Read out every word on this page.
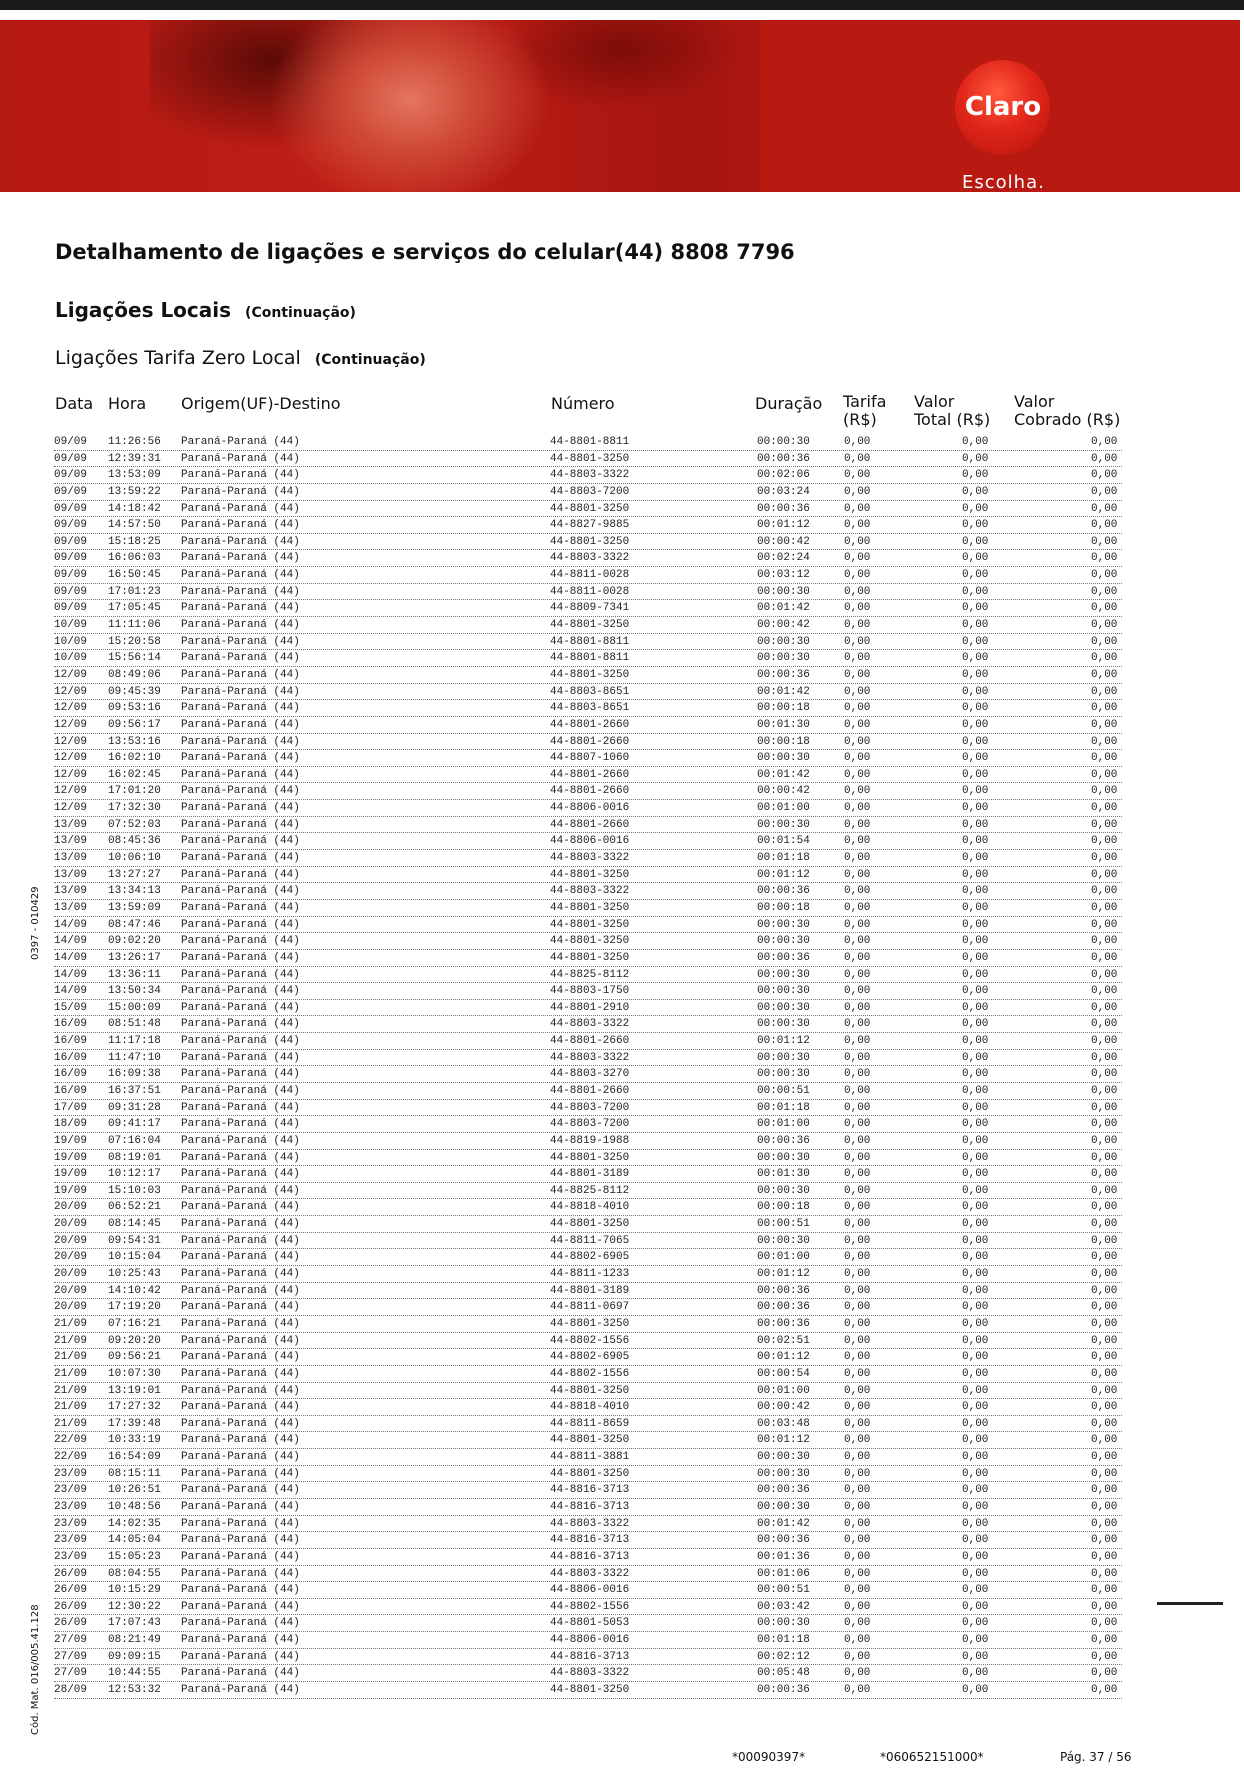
Claro
Escolha.
Detalhamento de ligações e serviços do celular(44) 8808 7796
Ligações Locais (Continuação)
Ligações Tarifa Zero Local (Continuação)
Data Hora Origem(UF)-Destino	Número	Duração Tarifa (R$)
Valor Total (R$)
Valor Cobrado (R$)
09/09 11:26:56 Paraná-Paraná (44)	44-8801-8811	00:00:30	0,00	0,00	0,00
09/09 12:39:31 Paraná-Paraná (44)	44-8801-3250	00:00:36	0,00	0,00	0,00
09/09 13:53:09 Paraná-Paraná (44)	44-8803-3322	00:02:06	0,00	0,00	0,00
09/09 13:59:22 Paraná-Paraná (44)	44-8803-7200	00:03:24	0,00	0,00	0,00
09/09 14:18:42 Paraná-Paraná (44)	44-8801-3250	00:00:36	0,00	0,00	0,00
09/09 14:57:50 Paraná-Paraná (44)	44-8827-9885	00:01:12	0,00	0,00	0,00
09/09 15:18:25 Paraná-Paraná (44)	44-8801-3250	00:00:42	0,00	0,00	0,00
09/09 16:06:03 Paraná-Paraná (44)	44-8803-3322	00:02:24	0,00	0,00	0,00
09/09 16:50:45 Paraná-Paraná (44)	44-8811-0028	00:03:12	0,00	0,00	0,00
09/09 17:01:23 Paraná-Paraná (44)	44-8811-0028	00:00:30	0,00	0,00	0,00
09/09 17:05:45 Paraná-Paraná (44)	44-8809-7341	00:01:42	0,00	0,00	0,00
10/09 11:11:06 Paraná-Paraná (44)	44-8801-3250	00:00:42	0,00	0,00	0,00
10/09 15:20:58 Paraná-Paraná (44)	44-8801-8811	00:00:30	0,00	0,00	0,00
10/09 15:56:14 Paraná-Paraná (44)	44-8801-8811	00:00:30	0,00	0,00	0,00
12/09 08:49:06 Paraná-Paraná (44)	44-8801-3250	00:00:36	0,00	0,00	0,00
12/09 09:45:39 Paraná-Paraná (44)	44-8803-8651	00:01:42	0,00	0,00	0,00
12/09 09:53:16 Paraná-Paraná (44)	44-8803-8651	00:00:18	0,00	0,00	0,00
12/09 09:56:17 Paraná-Paraná (44)	44-8801-2660	00:01:30	0,00	0,00	0,00
12/09 13:53:16 Paraná-Paraná (44)	44-8801-2660	00:00:18	0,00	0,00	0,00
12/09 16:02:10 Paraná-Paraná (44)	44-8807-1060	00:00:30	0,00	0,00	0,00
12/09 16:02:45 Paraná-Paraná (44)	44-8801-2660	00:01:42	0,00	0,00	0,00
12/09 17:01:20 Paraná-Paraná (44)	44-8801-2660	00:00:42	0,00	0,00	0,00
12/09 17:32:30 Paraná-Paraná (44)	44-8806-0016	00:01:00	0,00	0,00	0,00
13/09 07:52:03 Paraná-Paraná (44)	44-8801-2660	00:00:30	0,00	0,00	0,00
13/09 08:45:36 Paraná-Paraná (44)	44-8806-0016	00:01:54	0,00	0,00	0,00
13/09 10:06:10 Paraná-Paraná (44)	44-8803-3322	00:01:18	0,00	0,00	0,00
13/09 13:27:27 Paraná-Paraná (44)	44-8801-3250	00:01:12	0,00	0,00	0,00
13/09 13:34:13 Paraná-Paraná (44)	44-8803-3322	00:00:36	0,00	0,00	0,00
13/09 13:59:09 Paraná-Paraná (44)	44-8801-3250	00:00:18	0,00	0,00	0,00
14/09 08:47:46 Paraná-Paraná (44)	44-8801-3250	00:00:30	0,00	0,00	0,00
14/09 09:02:20 Paraná-Paraná (44)	44-8801-3250	00:00:30	0,00	0,00	0,00
14/09 13:26:17 Paraná-Paraná (44)	44-8801-3250	00:00:36	0,00	0,00	0,00
14/09 13:36:11 Paraná-Paraná (44)	44-8825-8112	00:00:30	0,00	0,00	0,00
14/09 13:50:34 Paraná-Paraná (44)	44-8803-1750	00:00:30	0,00	0,00	0,00
15/09 15:00:09 Paraná-Paraná (44)	44-8801-2910	00:00:30	0,00	0,00	0,00
16/09 08:51:48 Paraná-Paraná (44)	44-8803-3322	00:00:30	0,00	0,00	0,00
16/09 11:17:18 Paraná-Paraná (44)	44-8801-2660	00:01:12	0,00	0,00	0,00
16/09 11:47:10 Paraná-Paraná (44)	44-8803-3322	00:00:30	0,00	0,00	0,00
16/09 16:09:38 Paraná-Paraná (44)	44-8803-3270	00:00:30	0,00	0,00	0,00
16/09 16:37:51 Paraná-Paraná (44)	44-8801-2660	00:00:51	0,00	0,00	0,00
17/09 09:31:28 Paraná-Paraná (44)	44-8803-7200	00:01:18	0,00	0,00	0,00
18/09 09:41:17 Paraná-Paraná (44)	44-8803-7200	00:01:00	0,00	0,00	0,00
19/09 07:16:04 Paraná-Paraná (44)	44-8819-1988	00:00:36	0,00	0,00	0,00
19/09 08:19:01 Paraná-Paraná (44)	44-8801-3250	00:00:30	0,00	0,00	0,00
19/09 10:12:17 Paraná-Paraná (44)	44-8801-3189	00:01:30	0,00	0,00	0,00
19/09 15:10:03 Paraná-Paraná (44)	44-8825-8112	00:00:30	0,00	0,00	0,00
20/09 06:52:21 Paraná-Paraná (44)	44-8818-4010	00:00:18	0,00	0,00	0,00
20/09 08:14:45 Paraná-Paraná (44)	44-8801-3250	00:00:51	0,00	0,00	0,00
20/09 09:54:31 Paraná-Paraná (44)	44-8811-7065	00:00:30	0,00	0,00	0,00
20/09 10:15:04 Paraná-Paraná (44)	44-8802-6905	00:01:00	0,00	0,00	0,00
20/09 10:25:43 Paraná-Paraná (44)	44-8811-1233	00:01:12	0,00	0,00	0,00
20/09 14:10:42 Paraná-Paraná (44)	44-8801-3189	00:00:36	0,00	0,00	0,00
20/09 17:19:20 Paraná-Paraná (44)	44-8811-0697	00:00:36	0,00	0,00	0,00
21/09 07:16:21 Paraná-Paraná (44)	44-8801-3250	00:00:36	0,00	0,00	0,00
21/09 09:20:20 Paraná-Paraná (44)	44-8802-1556	00:02:51	0,00	0,00	0,00
21/09 09:56:21 Paraná-Paraná (44)	44-8802-6905	00:01:12	0,00	0,00	0,00
21/09 10:07:30 Paraná-Paraná (44)	44-8802-1556	00:00:54	0,00	0,00	0,00
21/09 13:19:01 Paraná-Paraná (44)	44-8801-3250	00:01:00	0,00	0,00	0,00
21/09 17:27:32 Paraná-Paraná (44)	44-8818-4010	00:00:42	0,00	0,00	0,00
21/09 17:39:48 Paraná-Paraná (44)	44-8811-8659	00:03:48	0,00	0,00	0,00
22/09 10:33:19 Paraná-Paraná (44)	44-8801-3250	00:01:12	0,00	0,00	0,00
22/09 16:54:09 Paraná-Paraná (44)	44-8811-3881	00:00:30	0,00	0,00	0,00
23/09 08:15:11 Paraná-Paraná (44)	44-8801-3250	00:00:30	0,00	0,00	0,00
23/09 10:26:51 Paraná-Paraná (44)	44-8816-3713	00:00:36	0,00	0,00	0,00
23/09 10:48:56 Paraná-Paraná (44)	44-8816-3713	00:00:30	0,00	0,00	0,00
23/09 14:02:35 Paraná-Paraná (44)	44-8803-3322	00:01:42	0,00	0,00	0,00
23/09 14:05:04 Paraná-Paraná (44)	44-8816-3713	00:00:36	0,00	0,00	0,00
23/09 15:05:23 Paraná-Paraná (44)	44-8816-3713	00:01:36	0,00	0,00	0,00
26/09 08:04:55 Paraná-Paraná (44)	44-8803-3322	00:01:06	0,00	0,00	0,00
26/09 10:15:29 Paraná-Paraná (44)	44-8806-0016	00:00:51	0,00	0,00	0,00
26/09 12:30:22 Paraná-Paraná (44)	44-8802-1556	00:03:42	0,00	0,00	0,00
26/09 17:07:43 Paraná-Paraná (44)	44-8801-5053	00:00:30	0,00	0,00	0,00
27/09 08:21:49 Paraná-Paraná (44)	44-8806-0016	00:01:18	0,00	0,00	0,00
27/09 09:09:15 Paraná-Paraná (44)	44-8816-3713	00:02:12	0,00	0,00	0,00
27/09 10:44:55 Paraná-Paraná (44)	44-8803-3322	00:05:48	0,00	0,00	0,00
28/09 12:53:32 Paraná-Paraná (44)	44-8801-3250	00:00:36	0,00	0,00	0,00
0397 - 010429
Cód. Mat. 016/005.41.128
*00090397*	*060652151000*	Pág. 37 / 56
